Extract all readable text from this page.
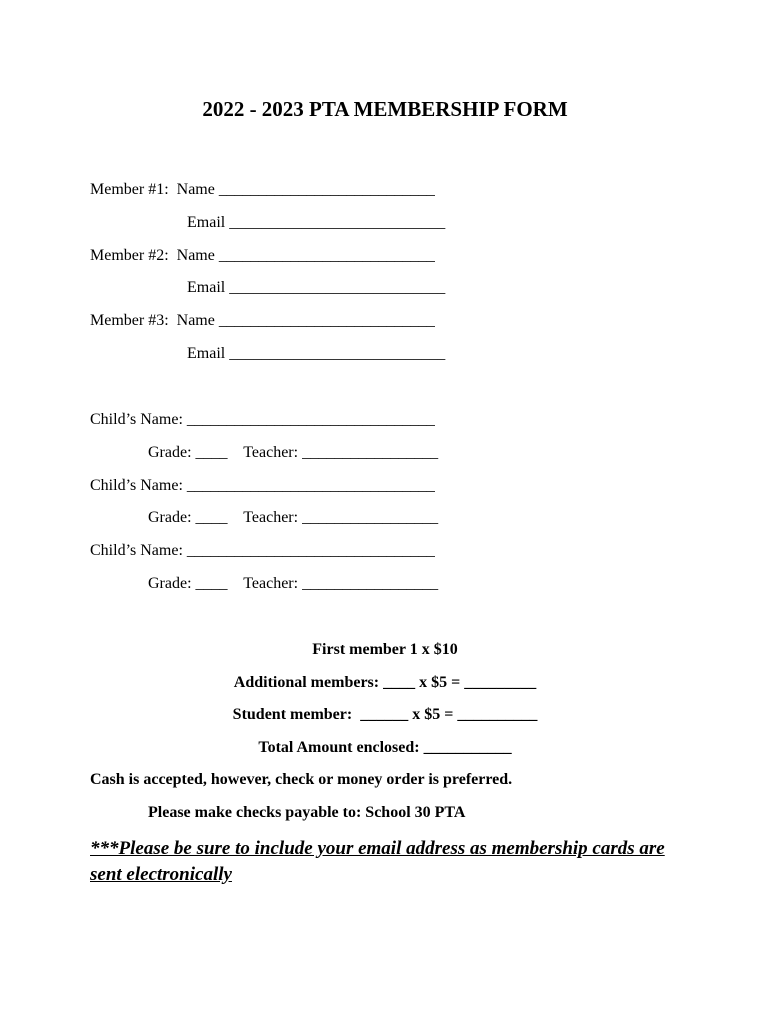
2022 - 2023 PTA MEMBERSHIP FORM
Member #1:  Name ___________________________
Email ___________________________
Member #2:  Name ___________________________
Email ___________________________
Member #3:  Name ___________________________
Email ___________________________
Child’s Name: _______________________________
Grade: ____    Teacher: _________________
Child’s Name: _______________________________
Grade: ____    Teacher: _________________
Child’s Name: _______________________________
Grade: ____    Teacher: _________________
First member 1 x $10
Additional members: ____ x $5 = _________
Student member:  ______ x $5 = __________
Total Amount enclosed: ___________
Cash is accepted, however, check or money order is preferred.
Please make checks payable to: School 30 PTA
***Please be sure to include your email address as membership cards are sent electronically
